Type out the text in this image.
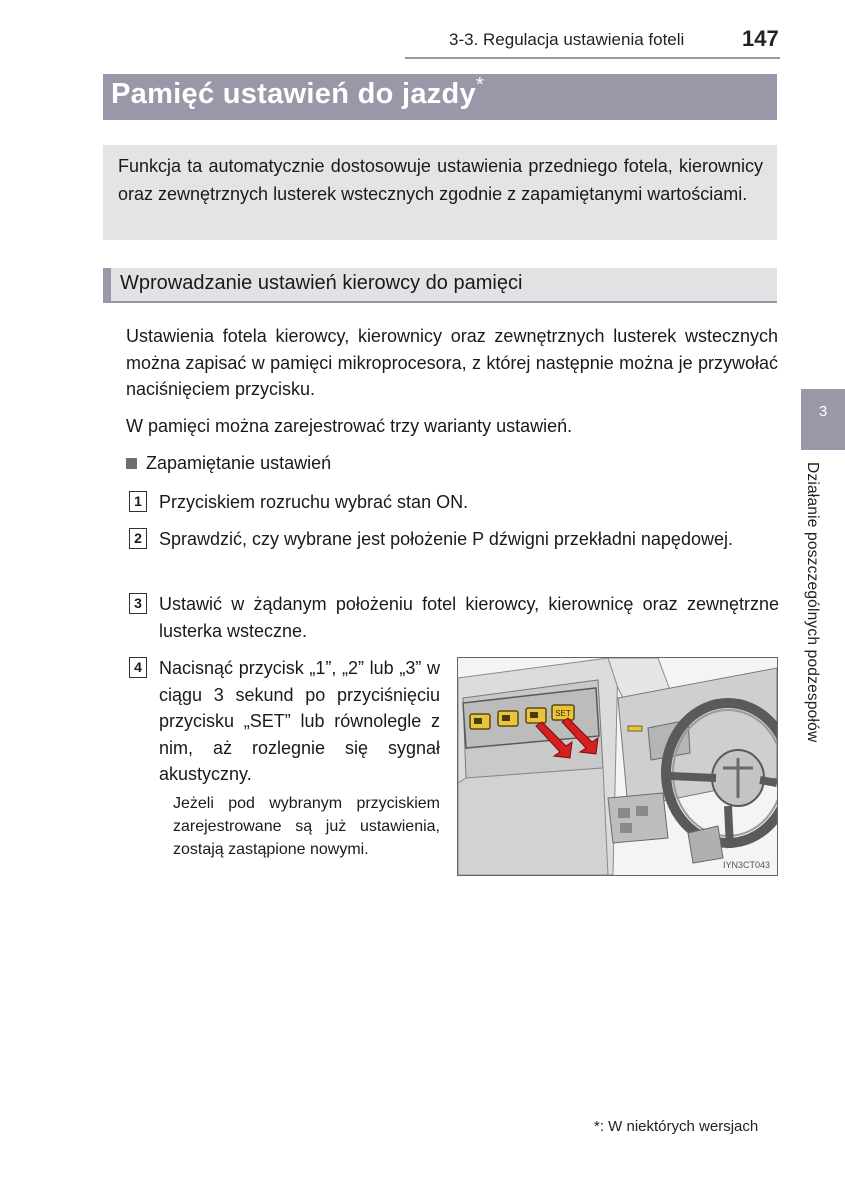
3-3. Regulacja ustawienia foteli	147
Pamięć ustawień do jazdy*
Funkcja ta automatycznie dostosowuje ustawienia przedniego fotela, kierownicy oraz zewnętrznych lusterek wstecznych zgodnie z zapamiętanymi wartościami.
Wprowadzanie ustawień kierowcy do pamięci
Ustawienia fotela kierowcy, kierownicy oraz zewnętrznych lusterek wstecznych można zapisać w pamięci mikroprocesora, z której następnie można je przywołać naciśnięciem przycisku.
W pamięci można zarejestrować trzy warianty ustawień.
Zapamiętanie ustawień
1 Przyciskiem rozruchu wybrać stan ON.
2 Sprawdzić, czy wybrane jest położenie P dźwigni przekładni napędowej.
3 Ustawić w żądanym położeniu fotel kierowcy, kierownicę oraz zewnętrzne lusterka wsteczne.
4 Nacisnąć przycisk „1”, „2” lub „3” w ciągu 3 sekund po przyciśnięciu przycisku „SET” lub równolegle z nim, aż rozlegnie się sygnał akustyczny.
Jeżeli pod wybranym przyciskiem zarejestrowane są już ustawienia, zostają zastąpione nowymi.
SET
IYN3CT043
3
Działanie poszczególnych podzespołów
*: W niektórych wersjach
